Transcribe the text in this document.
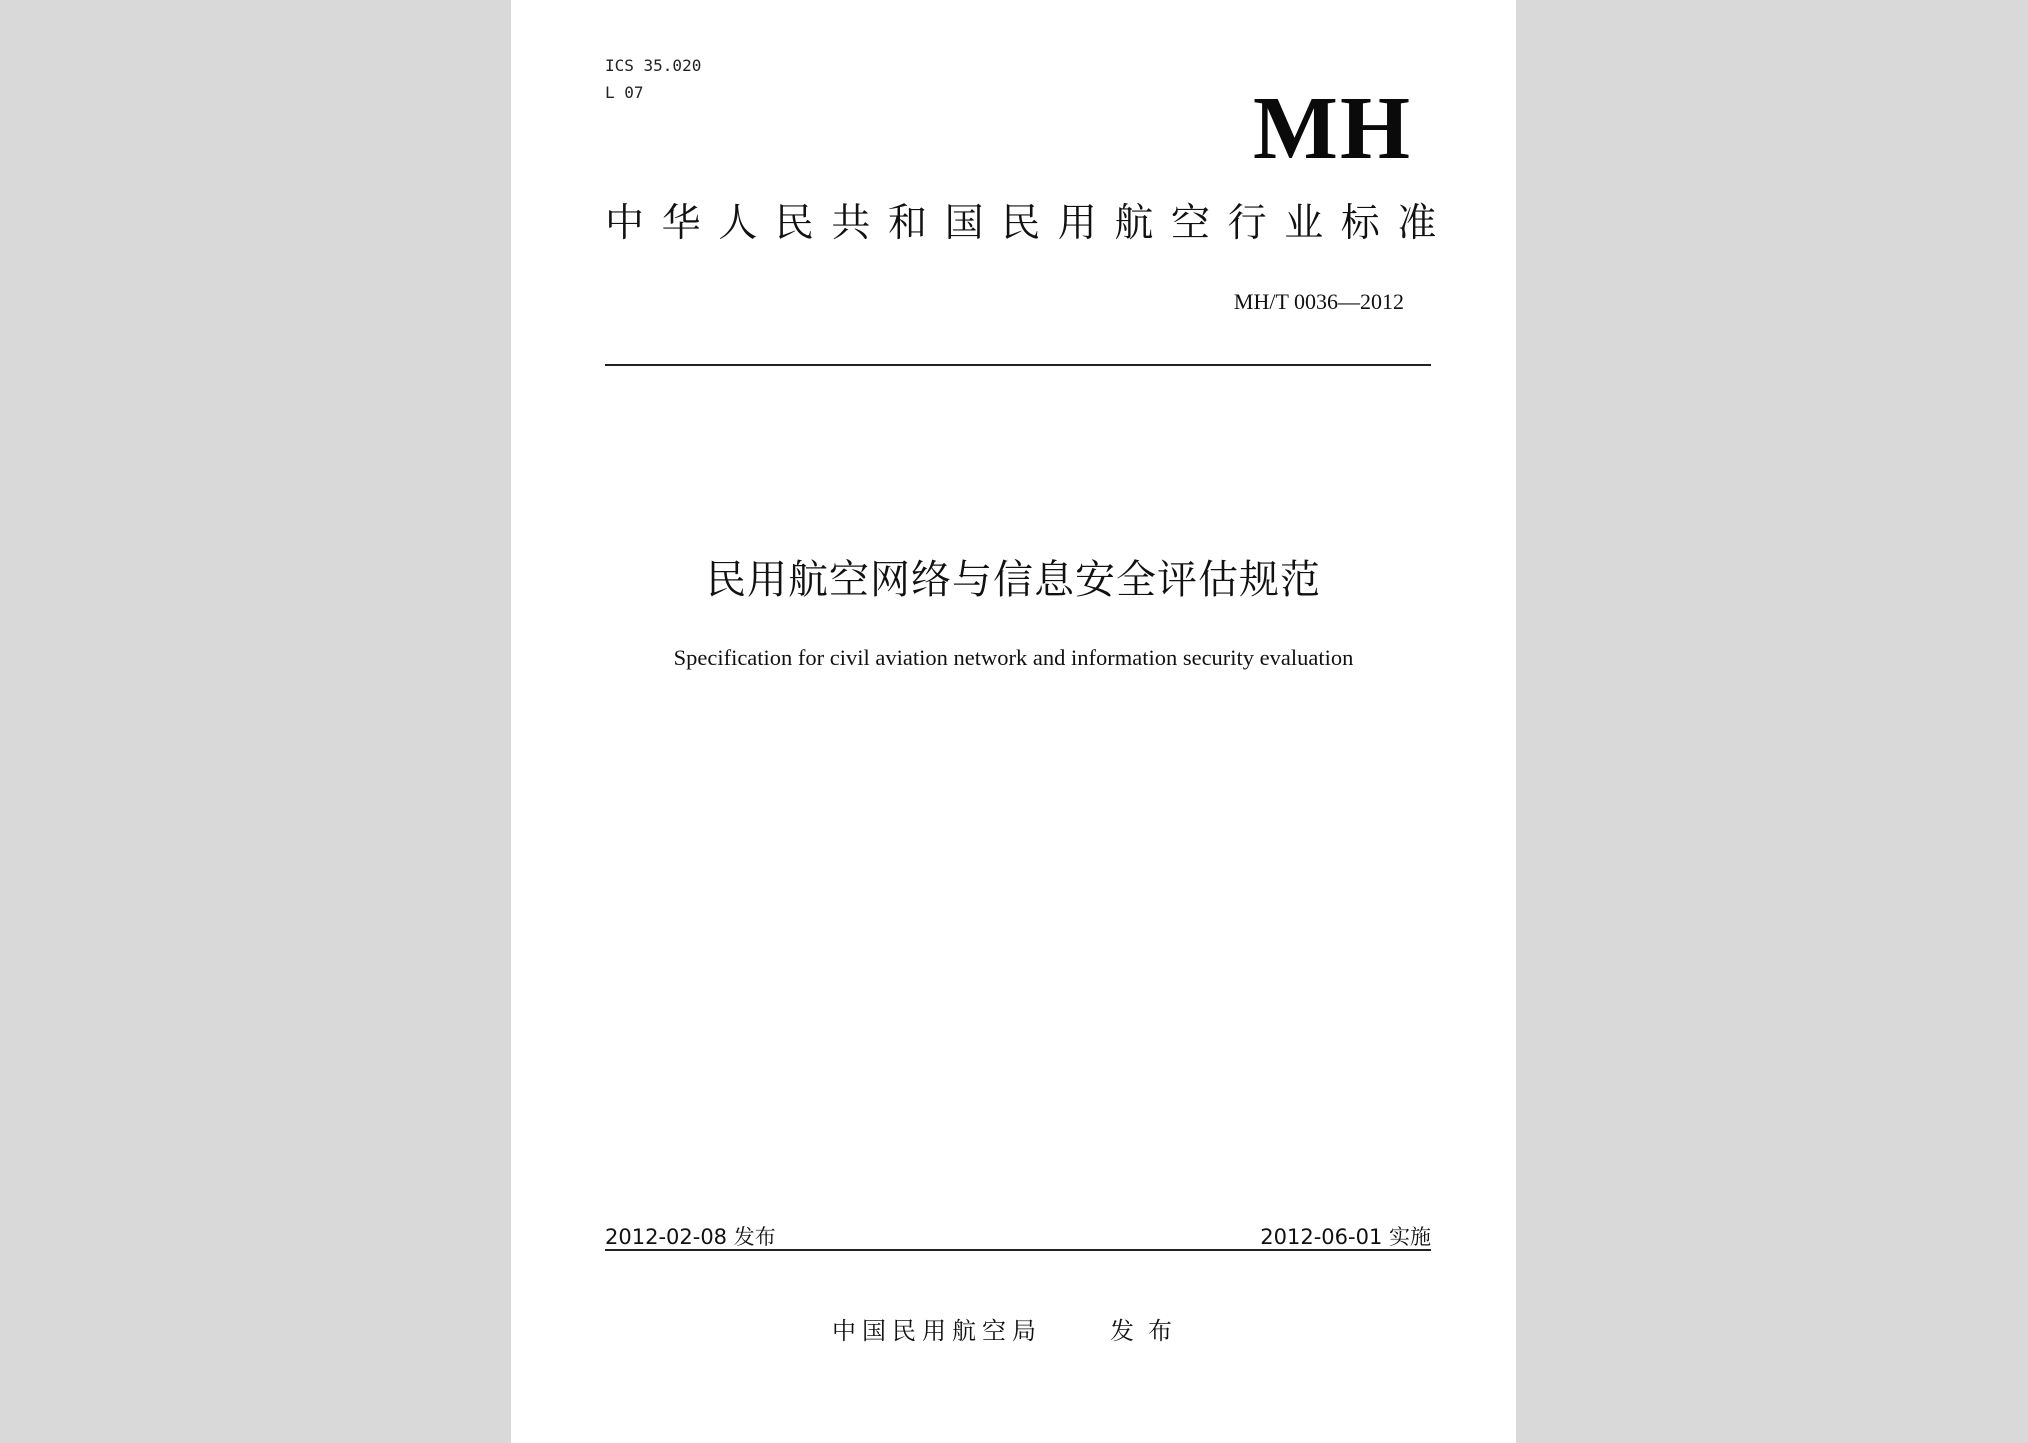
ICS 35.020
L 07	MH
中华人民共和国民用航空行业标准
MH/T 0036—2012
民用航空网络与信息安全评估规范
Specification for civil aviation network and information security evaluation
2012-02-08 发布	2012-06-01 实施
中国民用航空局	发布
